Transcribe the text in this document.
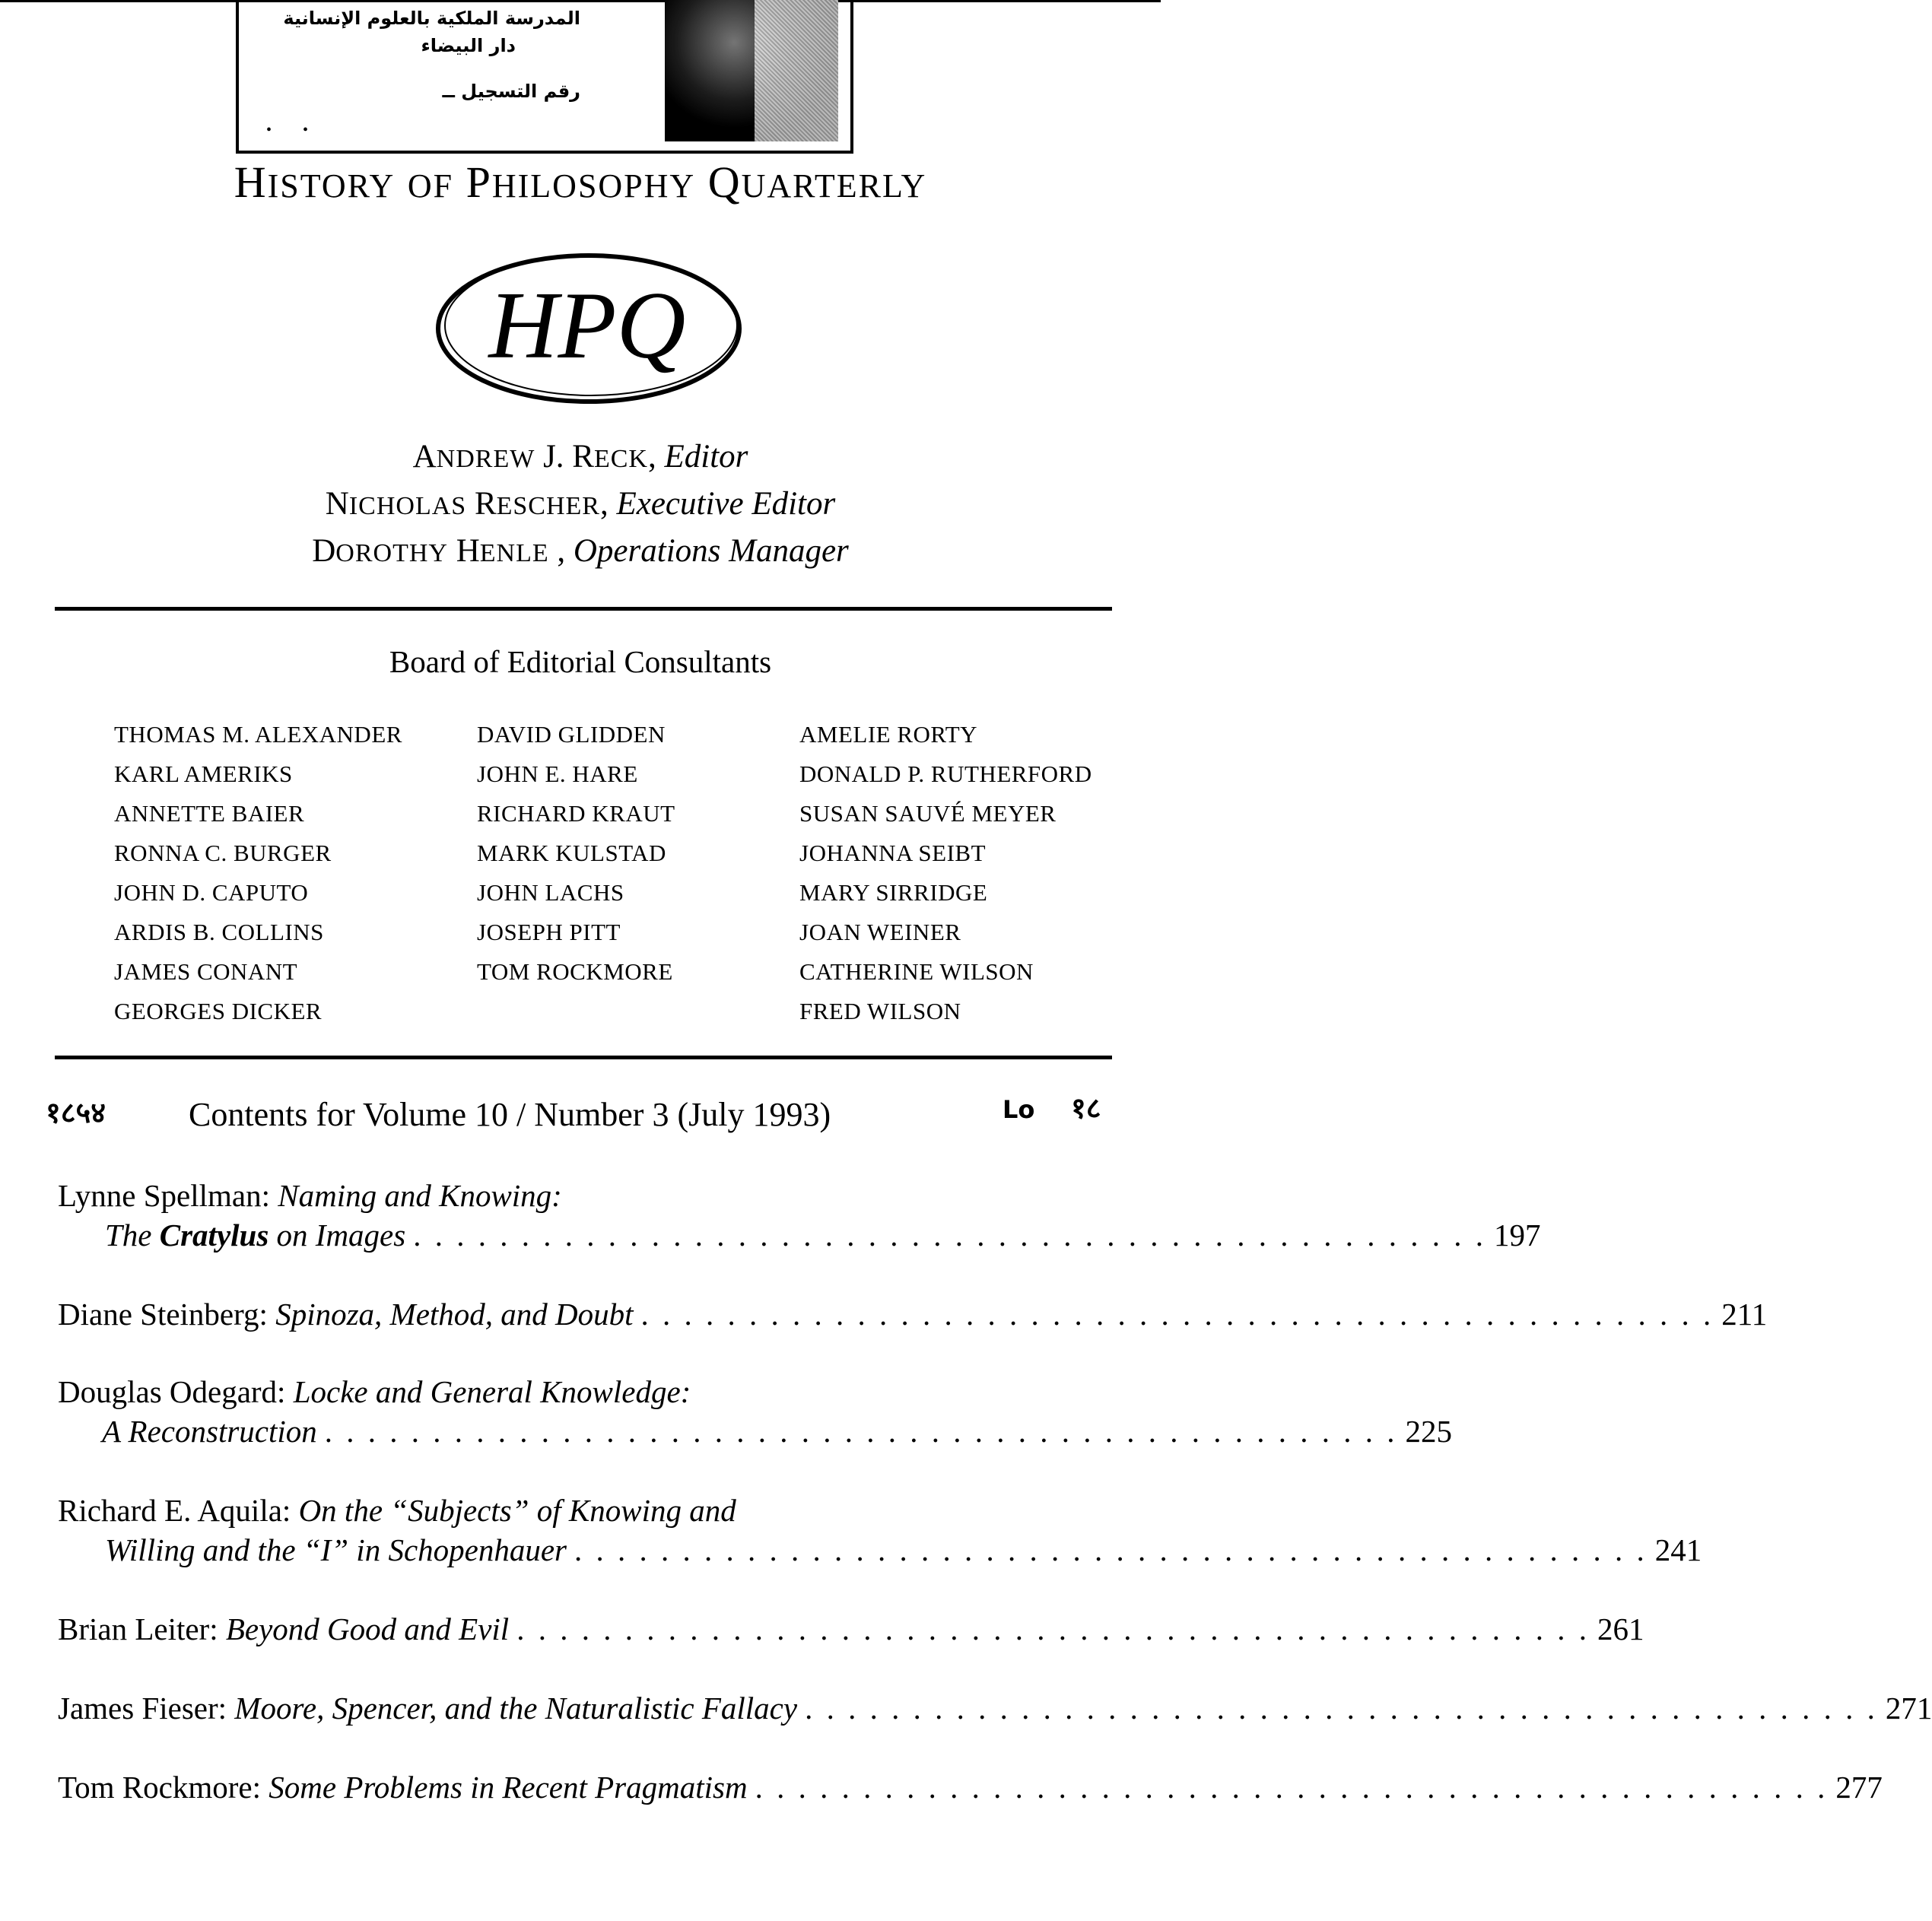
المدرسة الملكية بالعلوم الإنسانية
دار البيضاء
رقم التسجيل ــ
• •
HISTORY OF PHILOSOPHY QUARTERLY
HPQ
ANDREW J. RECK, Editor
NICHOLAS RESCHER, Executive Editor
DOROTHY HENLE , Operations Manager
Board of Editorial Consultants
THOMAS M. ALEXANDER
KARL AMERIKS
ANNETTE BAIER
RONNA C. BURGER
JOHN D. CAPUTO
ARDIS B. COLLINS
JAMES CONANT
GEORGES DICKER
DAVID GLIDDEN
JOHN E. HARE
RICHARD KRAUT
MARK KULSTAD
JOHN LACHS
JOSEPH PITT
TOM ROCKMORE
AMELIE RORTY
DONALD P. RUTHERFORD
SUSAN SAUVÉ MEYER
JOHANNA SEIBT
MARY SIRRIDGE
JOAN WEINER
CATHERINE WILSON
FRED WILSON
१८५४ Contents for Volume 10 / Number 3 (July 1993)	Lo १८
Lynne Spellman: Naming and Knowing:
The Cratylus on Images . . . . . . . . . . . . . . . . . . . . . . . . . . . . . . . . . . . . . . . . . . . . . . . . . . 197
Diane Steinberg: Spinoza, Method, and Doubt . . . . . . . . . . . . . . . . . . . . . . . . . . . . . . . . . . . . . . . . . . . . . . . . . . 211
Douglas Odegard: Locke and General Knowledge:
A Reconstruction . . . . . . . . . . . . . . . . . . . . . . . . . . . . . . . . . . . . . . . . . . . . . . . . . . 225
Richard E. Aquila: On the “Subjects” of Knowing and
Willing and the “I” in Schopenhauer . . . . . . . . . . . . . . . . . . . . . . . . . . . . . . . . . . . . . . . . . . . . . . . . . . 241
Brian Leiter: Beyond Good and Evil . . . . . . . . . . . . . . . . . . . . . . . . . . . . . . . . . . . . . . . . . . . . . . . . . . 261
James Fieser: Moore, Spencer, and the Naturalistic Fallacy . . . . . . . . . . . . . . . . . . . . . . . . . . . . . . . . . . . . . . . . . . . . . . . . . . 271
Tom Rockmore: Some Problems in Recent Pragmatism . . . . . . . . . . . . . . . . . . . . . . . . . . . . . . . . . . . . . . . . . . . . . . . . . . 277
